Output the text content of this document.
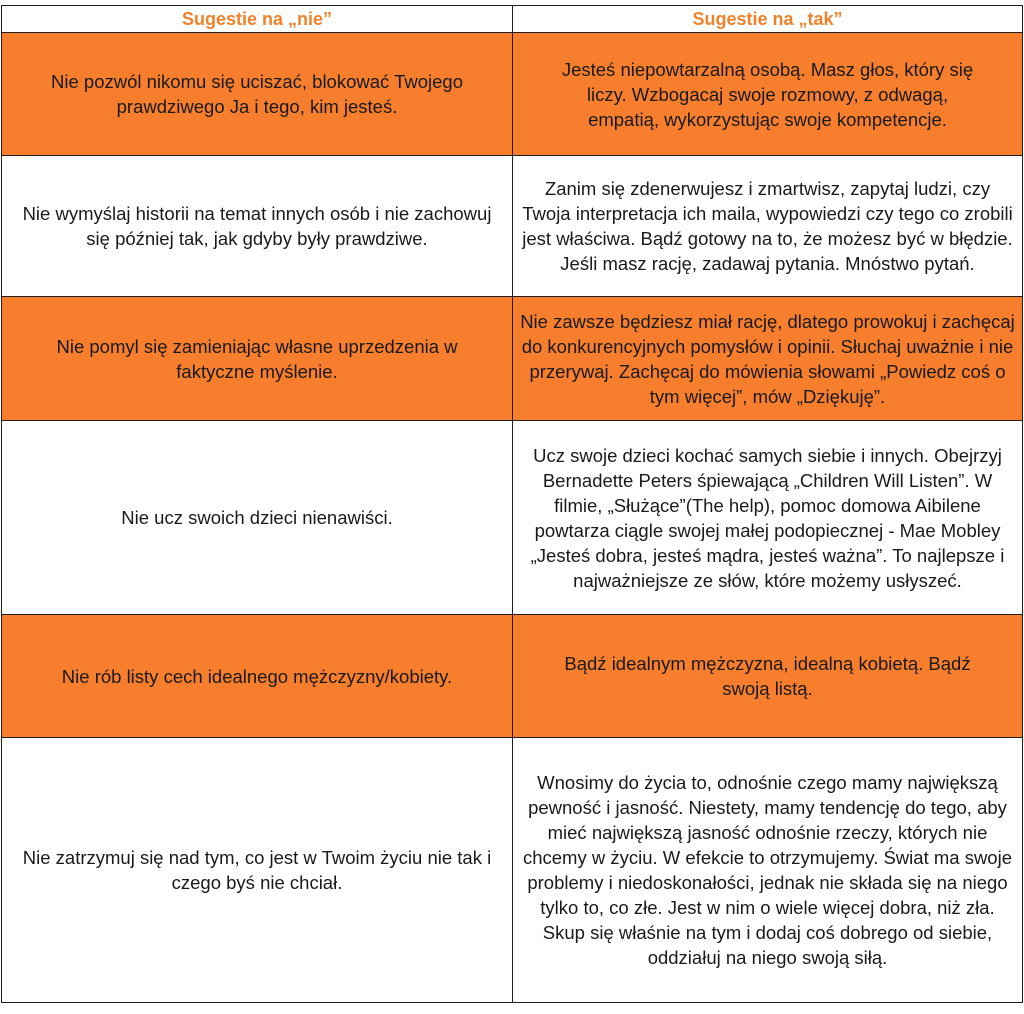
Sugestie na „nie”	Sugestie na „tak”

Nie pozwól nikomu się uciszać, blokować Twojego prawdziwego Ja i tego, kim jesteś.	Jesteś niepowtarzalną osobą. Masz głos, który się liczy. Wzbogacaj swoje rozmowy, z odwagą, empatią, wykorzystując swoje kompetencje.

Nie wymyślaj historii na temat innych osób i nie zachowuj się później tak, jak gdyby były prawdziwe.	Zanim się zdenerwujesz i zmartwisz, zapytaj ludzi, czy Twoja interpretacja ich maila, wypowiedzi czy tego co zrobili jest właściwa. Bądź gotowy na to, że możesz być w błędzie. Jeśli masz rację, zadawaj pytania. Mnóstwo pytań.

Nie pomyl się zamieniając własne uprzedzenia w faktyczne myślenie.	Nie zawsze będziesz miał rację, dlatego prowokuj i zachęcaj do konkurencyjnych pomysłów i opinii. Słuchaj uważnie i nie przerywaj. Zachęcaj do mówienia słowami „Powiedz coś o tym więcej”, mów „Dziękuję”.

Nie ucz swoich dzieci nienawiści.	Ucz swoje dzieci kochać samych siebie i innych. Obejrzyj Bernadette Peters śpiewającą „Children Will Listen”. W filmie, „Służące”(The help), pomoc domowa Aibilene powtarza ciągle swojej małej podopiecznej - Mae Mobley „Jesteś dobra, jesteś mądra, jesteś ważna”. To najlepsze i najważniejsze ze słów, które możemy usłyszeć.

Nie rób listy cech idealnego mężczyzny/kobiety.	Bądź idealnym mężczyzna, idealną kobietą. Bądź swoją listą.

Nie zatrzymuj się nad tym, co jest w Twoim życiu nie tak i czego byś nie chciał.	Wnosimy do życia to, odnośnie czego mamy największą pewność i jasność. Niestety, mamy tendencję do tego, aby mieć największą jasność odnośnie rzeczy, których nie chcemy w życiu. W efekcie to otrzymujemy. Świat ma swoje problemy i niedoskonałości, jednak nie składa się na niego tylko to, co złe. Jest w nim o wiele więcej dobra, niż zła. Skup się właśnie na tym i dodaj coś dobrego od siebie, oddziałuj na niego swoją siłą.
